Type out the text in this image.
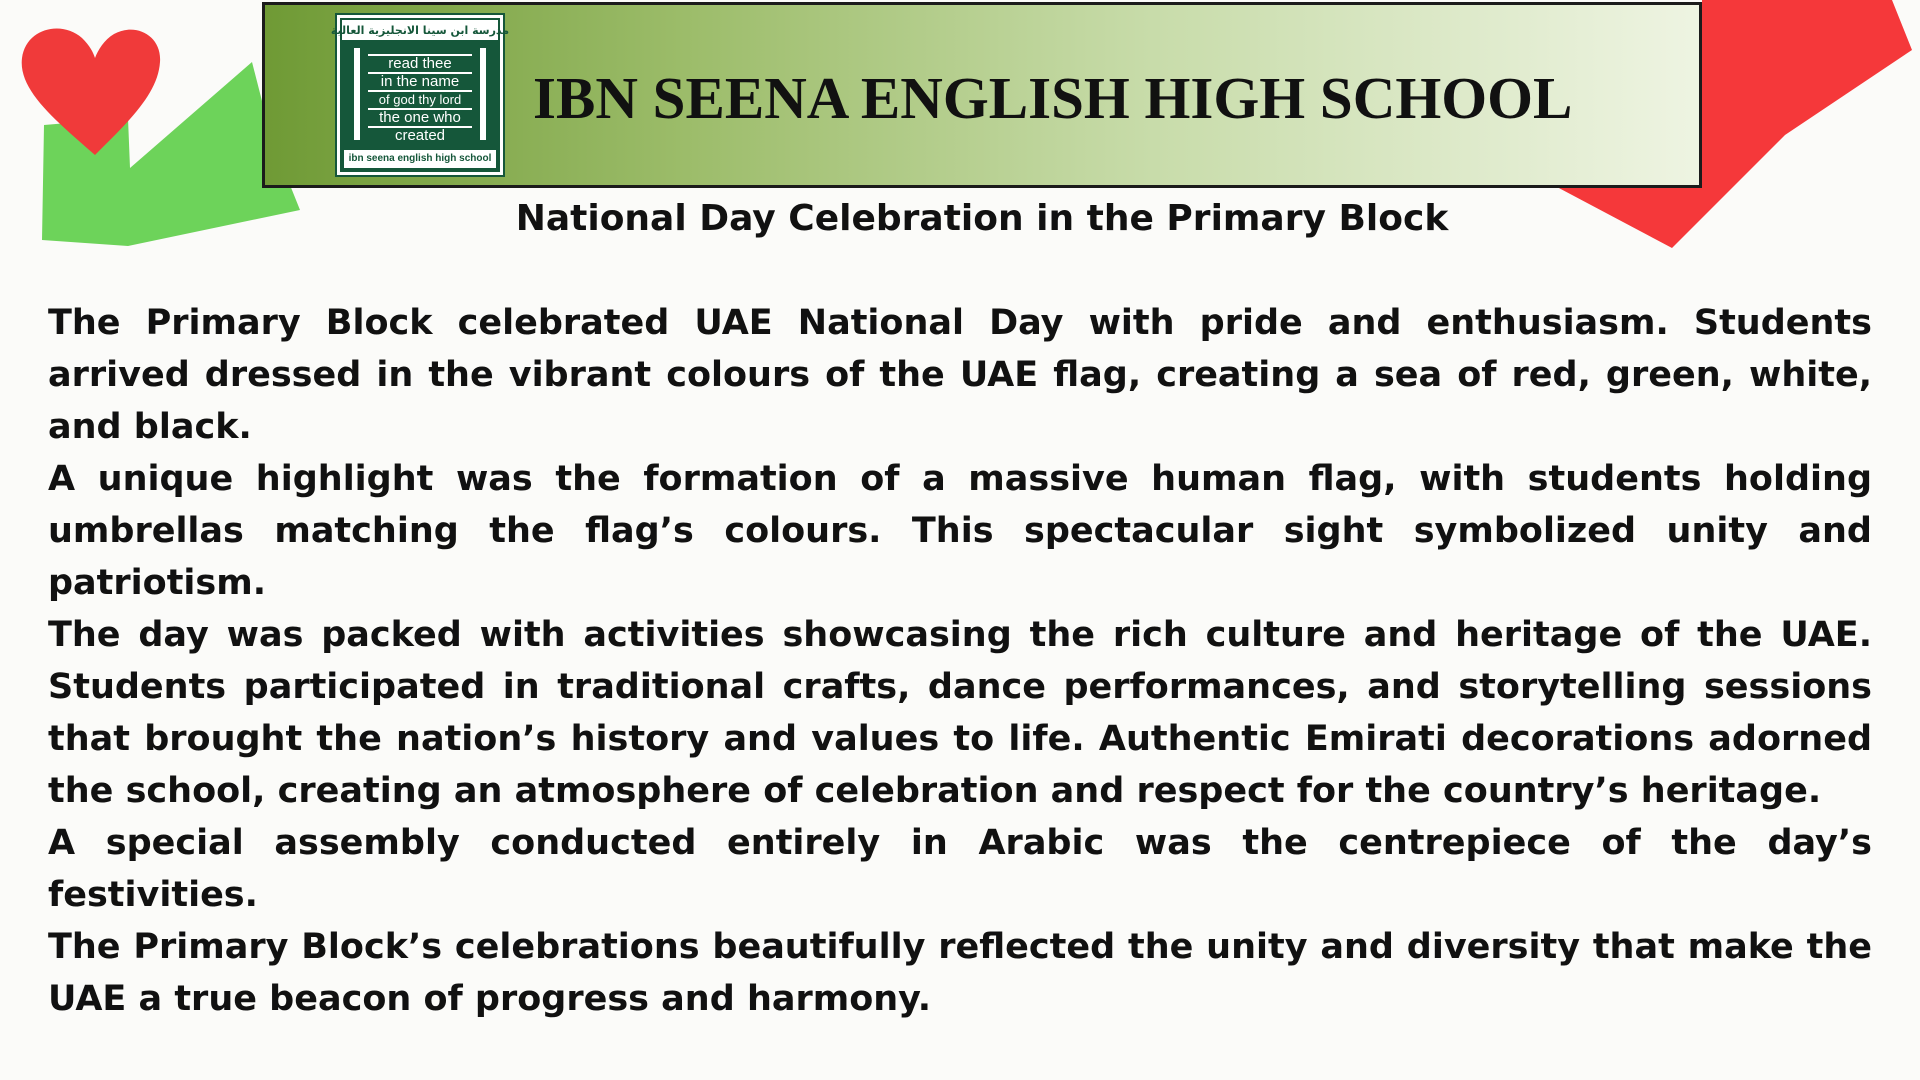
مدرسة ابن سينا الانجليزية العالية
read thee
in the name
of god thy lord
the one who
created
ibn seena english high school
IBN SEENA ENGLISH HIGH SCHOOL
National Day Celebration in the Primary Block

The Primary Block celebrated UAE National Day with pride and enthusiasm. Students arrived dressed in the vibrant colours of the UAE flag, creating a sea of red, green, white, and black.

A unique highlight was the formation of a massive human flag, with students holding umbrellas matching the flag’s colours. This spectacular sight symbolized unity and patriotism.

The day was packed with activities showcasing the rich culture and heritage of the UAE. Students participated in traditional crafts, dance performances, and storytelling sessions that brought the nation’s history and values to life. Authentic Emirati decorations adorned the school, creating an atmosphere of celebration and respect for the country’s heritage.

A special assembly conducted entirely in Arabic was the centrepiece of the day’s festivities.

The Primary Block’s celebrations beautifully reflected the unity and diversity that make the UAE a true beacon of progress and harmony.
